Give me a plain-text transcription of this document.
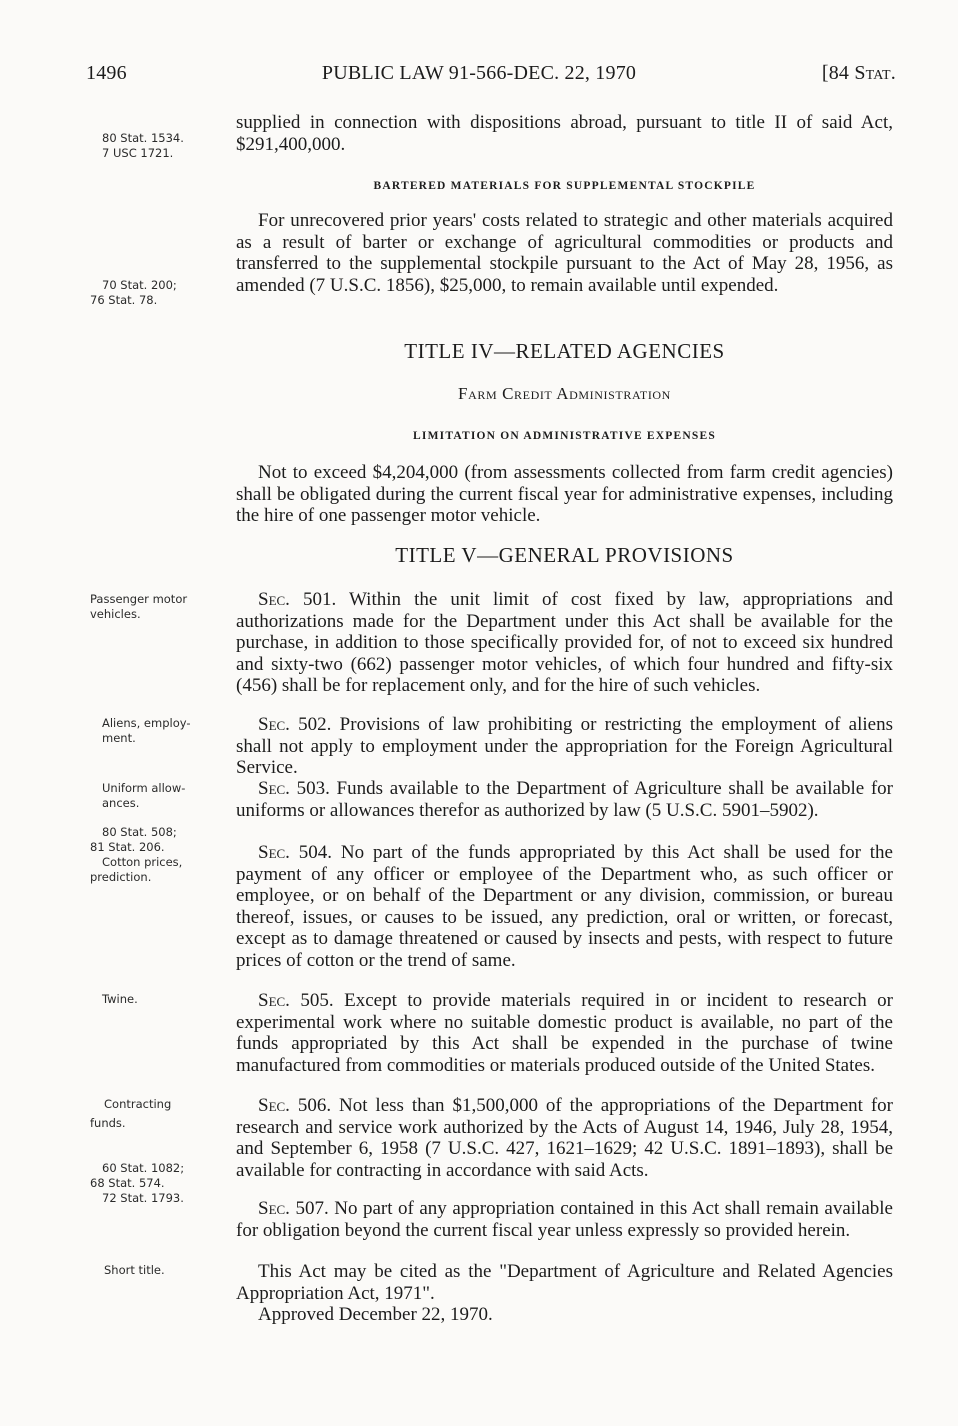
1496	PUBLIC LAW 91-566-DEC. 22, 1970	[84 Stat.
80 Stat. 1534.
7 USC 1721.
70 Stat. 200;
76 Stat. 78.
Passenger motor
vehicles.
Aliens, employ-
ment.
Uniform allow-
ances.
80 Stat. 508;
81 Stat. 206.
Cotton prices,
prediction.
Twine.
Contracting
funds.
60 Stat. 1082;
68 Stat. 574.
72 Stat. 1793.
Short title.
supplied in connection with dispositions abroad, pursuant to title II of said Act, $291,400,000.
BARTERED MATERIALS FOR SUPPLEMENTAL STOCKPILE
For unrecovered prior years' costs related to strategic and other materials acquired as a result of barter or exchange of agricultural commodities or products and transferred to the supplemental stockpile pursuant to the Act of May 28, 1956, as amended (7 U.S.C. 1856), $25,000, to remain available until expended.
TITLE IV—RELATED AGENCIES
Farm Credit Administration
LIMITATION ON ADMINISTRATIVE EXPENSES
Not to exceed $4,204,000 (from assessments collected from farm credit agencies) shall be obligated during the current fiscal year for administrative expenses, including the hire of one passenger motor vehicle.
TITLE V—GENERAL PROVISIONS
Sec. 501. Within the unit limit of cost fixed by law, appropriations and authorizations made for the Department under this Act shall be available for the purchase, in addition to those specifically provided for, of not to exceed six hundred and sixty-two (662) passenger motor vehicles, of which four hundred and fifty-six (456) shall be for replacement only, and for the hire of such vehicles.
Sec. 502. Provisions of law prohibiting or restricting the employment of aliens shall not apply to employment under the appropriation for the Foreign Agricultural Service.
Sec. 503. Funds available to the Department of Agriculture shall be available for uniforms or allowances therefor as authorized by law (5 U.S.C. 5901–5902).
Sec. 504. No part of the funds appropriated by this Act shall be used for the payment of any officer or employee of the Department who, as such officer or employee, or on behalf of the Department or any division, commission, or bureau thereof, issues, or causes to be issued, any prediction, oral or written, or forecast, except as to damage threatened or caused by insects and pests, with respect to future prices of cotton or the trend of same.
Sec. 505. Except to provide materials required in or incident to research or experimental work where no suitable domestic product is available, no part of the funds appropriated by this Act shall be expended in the purchase of twine manufactured from commodities or materials produced outside of the United States.
Sec. 506. Not less than $1,500,000 of the appropriations of the Department for research and service work authorized by the Acts of August 14, 1946, July 28, 1954, and September 6, 1958 (7 U.S.C. 427, 1621–1629; 42 U.S.C. 1891–1893), shall be available for contracting in accordance with said Acts.
Sec. 507. No part of any appropriation contained in this Act shall remain available for obligation beyond the current fiscal year unless expressly so provided herein.
This Act may be cited as the "Department of Agriculture and Related Agencies Appropriation Act, 1971".
Approved December 22, 1970.
